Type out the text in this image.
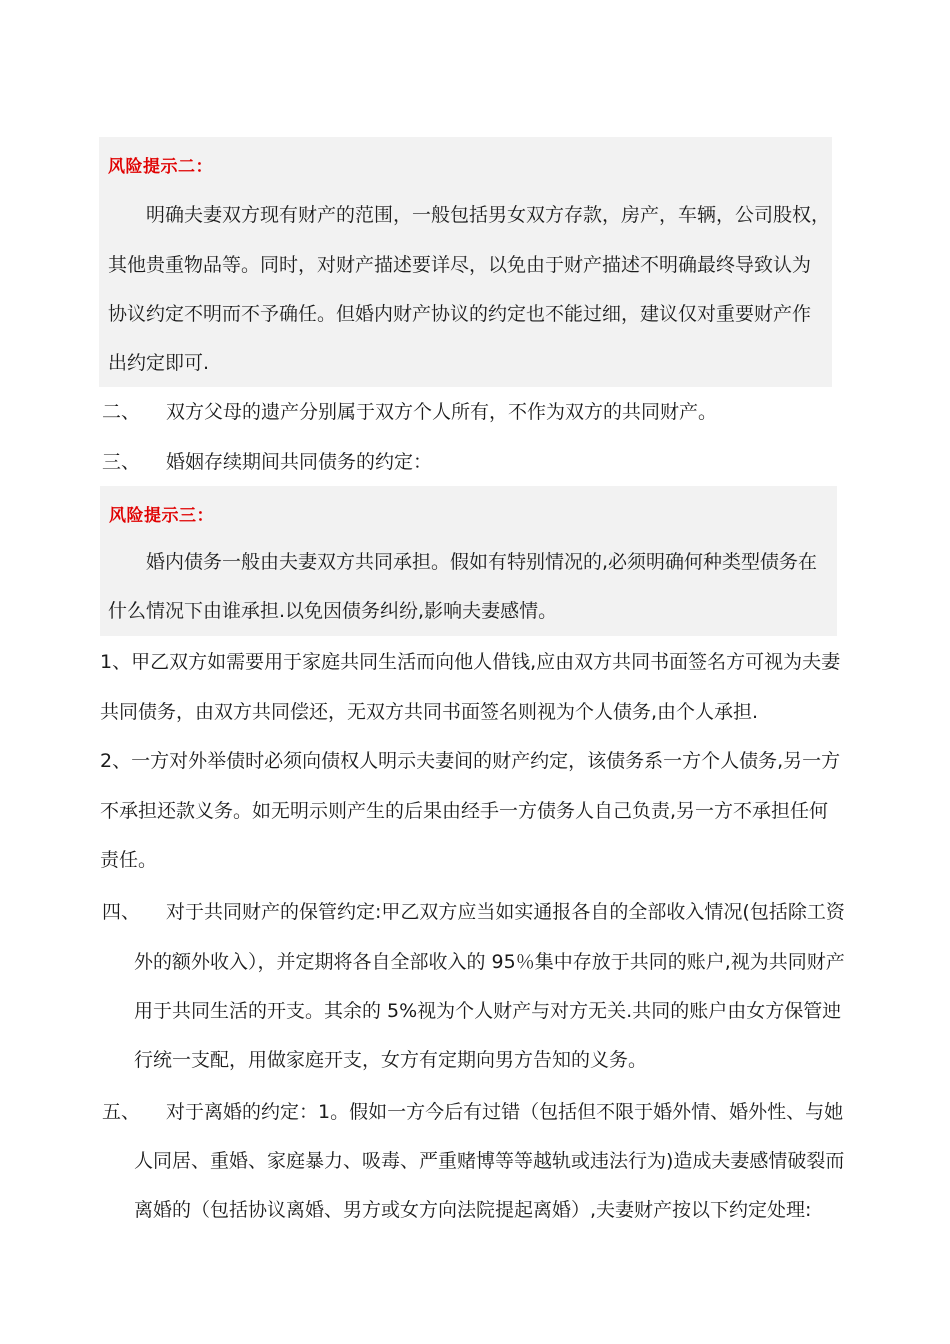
风险提示二：
明确夫妻双方现有财产的范围，一般包括男女双方存款，房产，车辆，公司股权，
其他贵重物品等。同时，对财产描述要详尽，以免由于财产描述不明确最终导致认为
协议约定不明而不予确任。但婚内财产协议的约定也不能过细，建议仅对重要财产作
出约定即可.
二、 双方父母的遗产分别属于双方个人所有，不作为双方的共同财产。
三、 婚姻存续期间共同债务的约定：
风险提示三：
婚内债务一般由夫妻双方共同承担。假如有特别情况的,必须明确何种类型债务在
什么情况下由谁承担.以免因债务纠纷,影响夫妻感情。
1、甲乙双方如需要用于家庭共同生活而向他人借钱,应由双方共同书面签名方可视为夫妻
共同债务，由双方共同偿还，无双方共同书面签名则视为个人债务,由个人承担.
2、一方对外举债时必须向债权人明示夫妻间的财产约定，该债务系一方个人债务,另一方
不承担还款义务。如无明示则产生的后果由经手一方债务人自己负责,另一方不承担任何
责任。
四、 对于共同财产的保管约定:甲乙双方应当如实通报各自的全部收入情况(包括除工资
外的额外收入），并定期将各自全部收入的 95％集中存放于共同的账户,视为共同财产
用于共同生活的开支。其余的 5%视为个人财产与对方无关.共同的账户由女方保管迚
行统一支配，用做家庭开支，女方有定期向男方告知的义务。
五、 对于离婚的约定：1。假如一方今后有过错（包括但不限于婚外情、婚外性、与她
人同居、重婚、家庭暴力、吸毒、严重赌博等等越轨或违法行为)造成夫妻感情破裂而
离婚的（包括协议离婚、男方或女方向法院提起离婚）,夫妻财产按以下约定处理:
